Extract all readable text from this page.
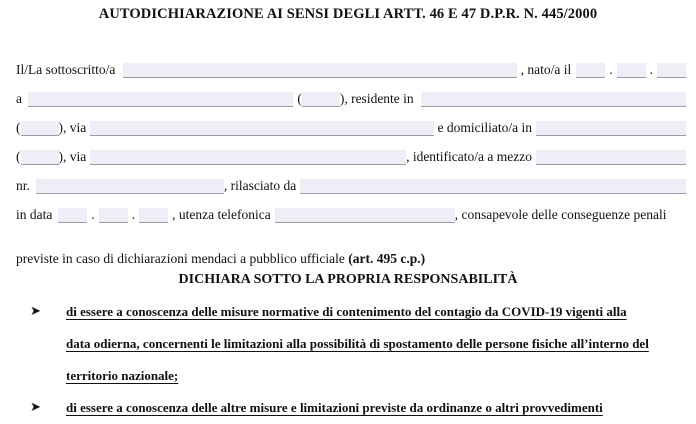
AUTODICHIARAZIONE AI SENSI DEGLI ARTT. 46 E 47 D.P.R. N. 445/2000
Il/La sottoscritto/a	, nato/a il	.	.
a	(	), residente in
(	), via	e domiciliato/a in
(	), via	, identificato/a a mezzo
nr.	, rilasciato da
in data	.	.	, utenza telefonica	, consapevole delle conseguenze penali
previste in caso di dichiarazioni mendaci a pubblico ufficiale (art. 495 c.p.)
DICHIARA SOTTO LA PROPRIA RESPONSABILITÀ
➤ di essere a conoscenza delle misure normative di contenimento del contagio da COVID-19 vigenti alla
data odierna, concernenti le limitazioni alla possibilità di spostamento delle persone fisiche all’interno del
territorio nazionale;
➤ di essere a conoscenza delle altre misure e limitazioni previste da ordinanze o altri provvedimenti
